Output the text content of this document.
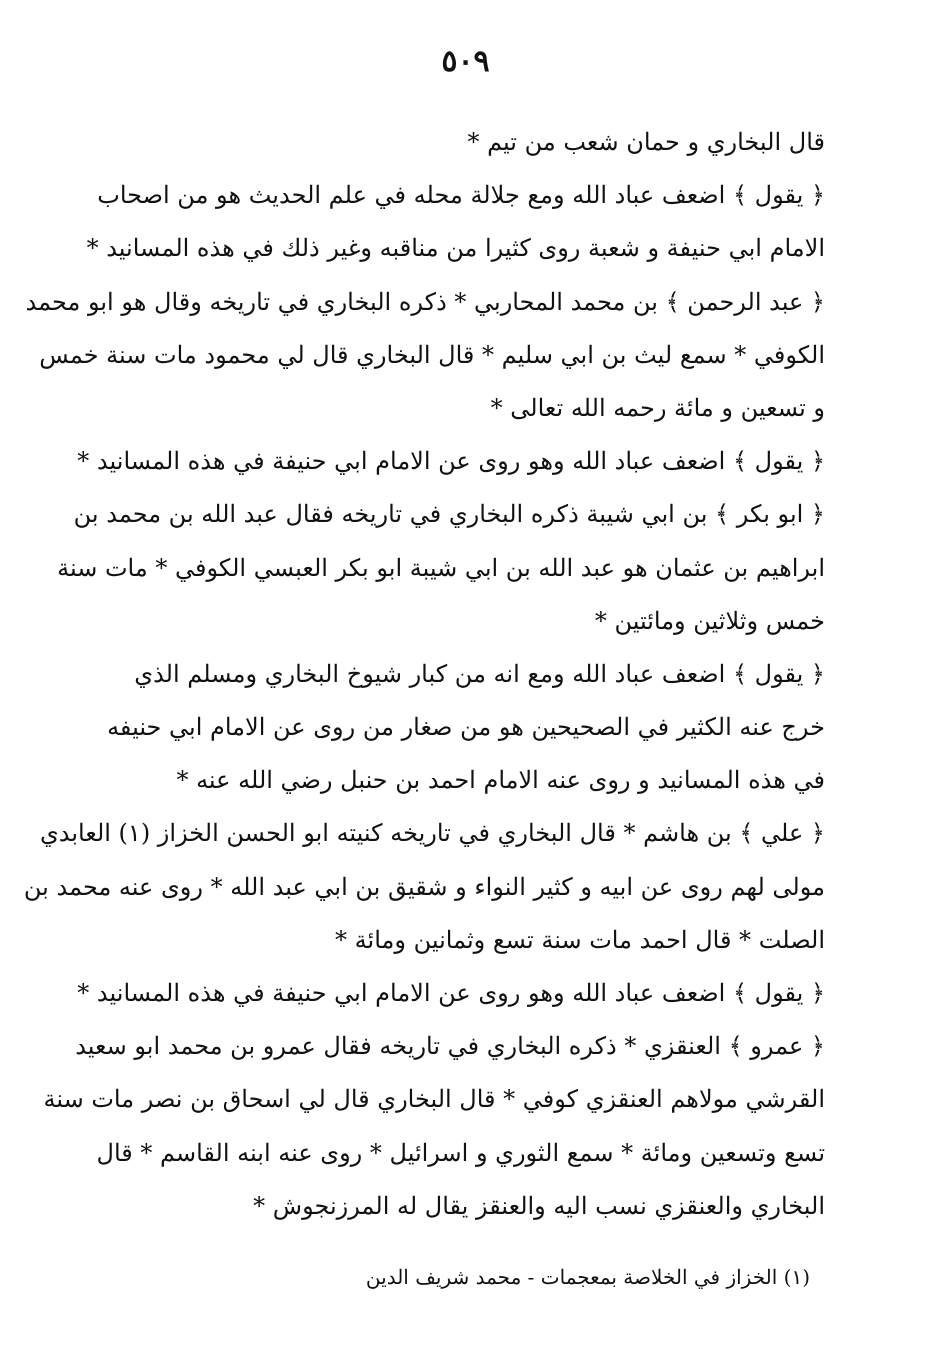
٥٠٩
قال البخاري و حمان شعب من تيم *
﴿ يقول ﴾ اضعف عباد الله ومع جلالة محله في علم الحديث هو من اصحاب
الامام ابي حنيفة و شعبة روى كثيرا من مناقبه وغير ذلك في هذه المسانيد *
﴿ عبد الرحمن ﴾ بن محمد المحاربي * ذكره البخاري في تاريخه وقال هو ابو محمد
الكوفي * سمع ليث بن ابي سليم * قال البخاري قال لي محمود مات سنة خمس
و تسعين و مائة رحمه الله تعالى *
﴿ يقول ﴾ اضعف عباد الله وهو روى عن الامام ابي حنيفة في هذه المسانيد *
﴿ ابو بكر ﴾ بن ابي شيبة ذكره البخاري في تاريخه فقال عبد الله بن محمد بن
ابراهيم بن عثمان هو عبد الله بن ابي شيبة ابو بكر العبسي الكوفي * مات سنة
خمس وثلاثين ومائتين *
﴿ يقول ﴾ اضعف عباد الله ومع انه من كبار شيوخ البخاري ومسلم الذي
خرج عنه الكثير في الصحيحين هو من صغار من روى عن الامام ابي حنيفه
في هذه المسانيد و روى عنه الامام احمد بن حنبل رضي الله عنه *
﴿ علي ﴾ بن هاشم * قال البخاري في تاريخه كنيته ابو الحسن الخزاز (١) العابدي
مولى لهم روى عن ابيه و كثير النواء و شقيق بن ابي عبد الله * روى عنه محمد بن
الصلت * قال احمد مات سنة تسع وثمانين ومائة *
﴿ يقول ﴾ اضعف عباد الله وهو روى عن الامام ابي حنيفة في هذه المسانيد *
﴿ عمرو ﴾ العنقزي * ذكره البخاري في تاريخه فقال عمرو بن محمد ابو سعيد
القرشي مولاهم العنقزي كوفي * قال البخاري قال لي اسحاق بن نصر مات سنة
تسع وتسعين ومائة * سمع الثوري و اسرائيل * روى عنه ابنه القاسم * قال
البخاري والعنقزي نسب اليه والعنقز يقال له المرزنجوش *
(١) الخزاز في الخلاصة بمعجمات - محمد شريف الدين
